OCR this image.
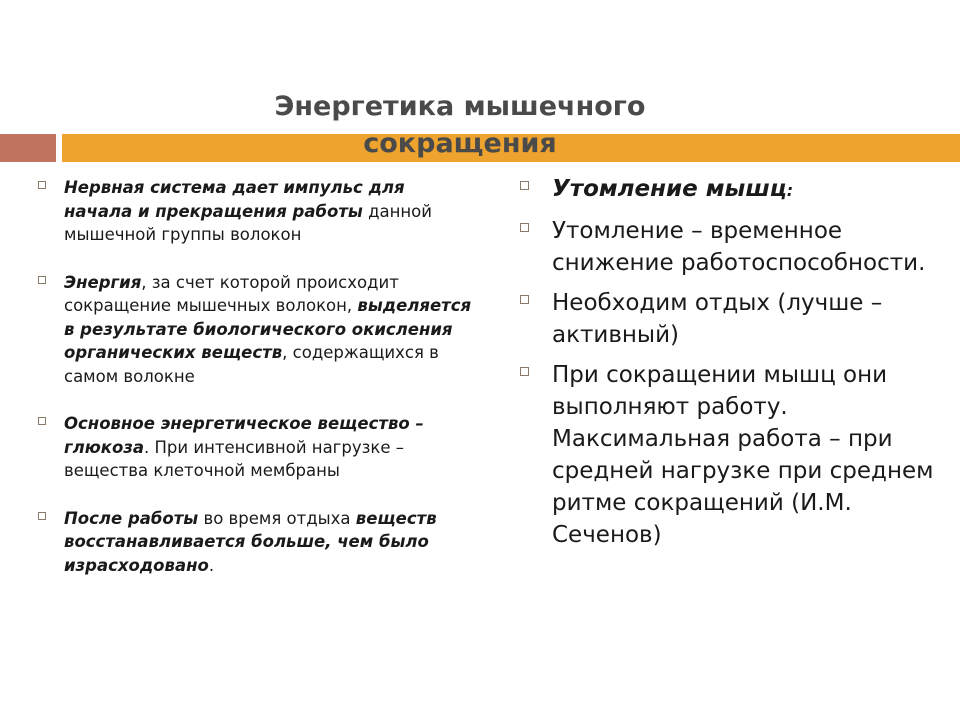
Энергетика мышечного
сокращения
Нервная система дает импульс для начала и прекращения работы данной мышечной группы волокон
Энергия, за счет которой происходит сокращение мышечных волокон, выделяется в результате биологического окисления органических веществ, содержащихся в самом волокне
Основное энергетическое вещество – глюкоза. При интенсивной нагрузке – вещества клеточной мембраны
После работы во время отдыха веществ восстанавливается больше, чем было израсходовано.
Утомление мышц:
Утомление – временное снижение работоспособности.
Необходим отдых (лучше – активный)
При сокращении мышц они выполняют работу. Максимальная работа – при средней нагрузке при среднем ритме сокращений (И.М. Сеченов)
